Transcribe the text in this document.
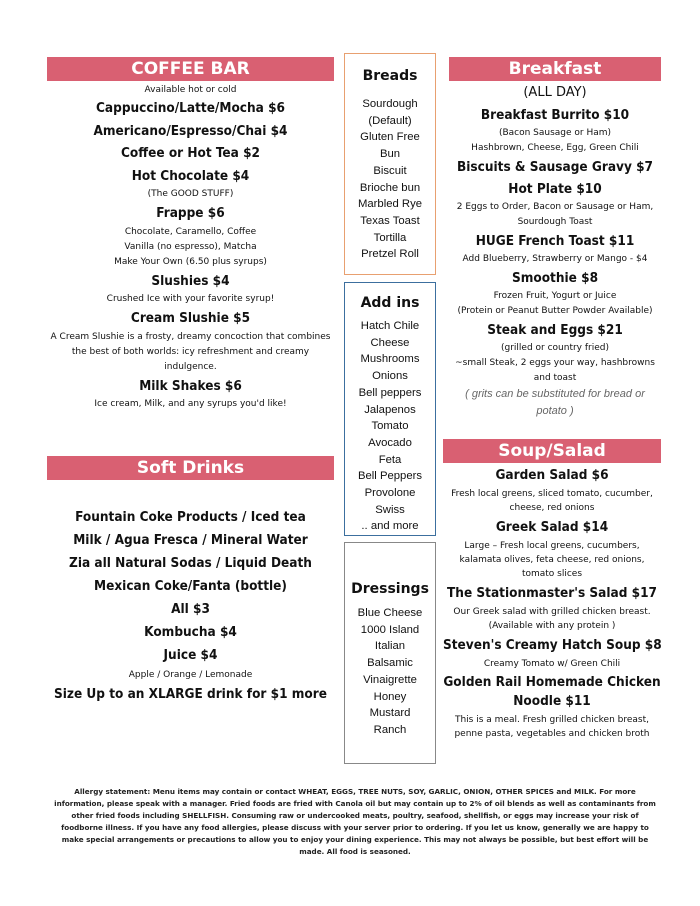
COFFEE BAR
Available hot or cold
Cappuccino/Latte/Mocha $6
Americano/Espresso/Chai $4
Coffee or Hot Tea $2
Hot Chocolate $4
(The GOOD STUFF)
Frappe $6
Chocolate, Caramello, Coffee
Vanilla (no espresso), Matcha
Make Your Own (6.50 plus syrups)
Slushies $4
Crushed Ice with your favorite syrup!
Cream Slushie $5
A Cream Slushie is a frosty, dreamy concoction that combines the best of both worlds: icy refreshment and creamy indulgence.
Milk Shakes $6
Ice cream, Milk, and any syrups you'd like!
Soft Drinks
Fountain Coke Products / Iced tea
Milk / Agua Fresca / Mineral Water
Zia all Natural Sodas / Liquid Death
Mexican Coke/Fanta (bottle)
All $3
Kombucha $4
Juice $4
Apple / Orange / Lemonade
Size Up to an XLARGE drink for $1 more
Breads
Sourdough
(Default)
Gluten Free
Bun
Biscuit
Brioche bun
Marbled Rye
Texas Toast
Tortilla
Pretzel Roll
Add ins
Hatch Chile
Cheese
Mushrooms
Onions
Bell peppers
Jalapenos
Tomato
Avocado
Feta
Bell Peppers
Provolone
Swiss
.. and more
Dressings
Blue Cheese
1000 Island
Italian
Balsamic
Vinaigrette
Honey
Mustard
Ranch
Breakfast
(ALL DAY)
Breakfast Burrito $10
(Bacon Sausage or Ham)
Hashbrown, Cheese, Egg, Green Chili
Biscuits & Sausage Gravy $7
Hot Plate $10
2 Eggs to Order, Bacon or Sausage or Ham, Sourdough Toast
HUGE French Toast $11
Add Blueberry, Strawberry or Mango - $4
Smoothie $8
Frozen Fruit, Yogurt or Juice
(Protein or Peanut Butter Powder Available)
Steak and Eggs $21
(grilled or country fried)
~small Steak, 2 eggs your way, hashbrowns and toast
( grits can be substituted for bread or potato )
Soup/Salad
Garden Salad $6
Fresh local greens, sliced tomato, cucumber, cheese, red onions
Greek Salad $14
Large – Fresh local greens, cucumbers, kalamata olives, feta cheese, red onions, tomato slices
The Stationmaster's Salad $17
Our Greek salad with grilled chicken breast. (Available with any protein )
Steven's Creamy Hatch Soup $8
Creamy Tomato w/ Green Chili
Golden Rail Homemade Chicken Noodle $11
This is a meal. Fresh grilled chicken breast, penne pasta, vegetables and chicken broth
Allergy statement: Menu items may contain or contact WHEAT, EGGS, TREE NUTS, SOY, GARLIC, ONION, OTHER SPICES and MILK. For more information, please speak with a manager. Fried foods are fried with Canola oil but may contain up to 2% of oil blends as well as contaminants from other fried foods including SHELLFISH. Consuming raw or undercooked meats, poultry, seafood, shellfish, or eggs may increase your risk of foodborne illness. If you have any food allergies, please discuss with your server prior to ordering. If you let us know, generally we are happy to make special arrangements or precautions to allow you to enjoy your dining experience. This may not always be possible, but best effort will be made. All food is seasoned.
